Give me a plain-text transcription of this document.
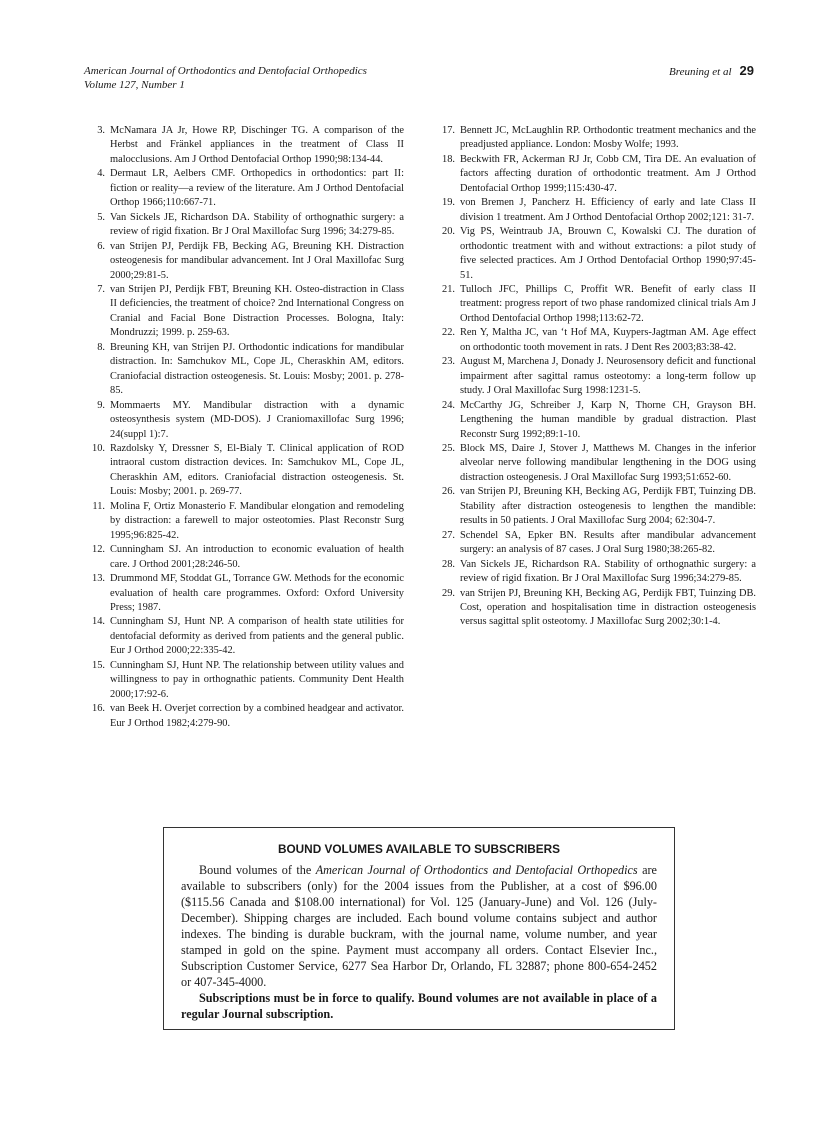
American Journal of Orthodontics and Dentofacial Orthopedics
Volume 127, Number 1
Breuning et al 29
3. McNamara JA Jr, Howe RP, Dischinger TG. A comparison of the Herbst and Fränkel appliances in the treatment of Class II malocclusions. Am J Orthod Dentofacial Orthop 1990;98:134-44.
4. Dermaut LR, Aelbers CMF. Orthopedics in orthodontics: part II: fiction or reality—a review of the literature. Am J Orthod Dentofacial Orthop 1966;110:667-71.
5. Van Sickels JE, Richardson DA. Stability of orthognathic surgery: a review of rigid fixation. Br J Oral Maxillofac Surg 1996; 34:279-85.
6. van Strijen PJ, Perdijk FB, Becking AG, Breuning KH. Distraction osteogenesis for mandibular advancement. Int J Oral Maxillofac Surg 2000;29:81-5.
7. van Strijen PJ, Perdijk FBT, Breuning KH. Osteo-distraction in Class II deficiencies, the treatment of choice? 2nd International Congress on Cranial and Facial Bone Distraction Processes. Bologna, Italy: Mondruzzi; 1999. p. 259-63.
8. Breuning KH, van Strijen PJ. Orthodontic indications for mandibular distraction. In: Samchukov ML, Cope JL, Cheraskhin AM, editors. Craniofacial distraction osteogenesis. St. Louis: Mosby; 2001. p. 278-85.
9. Mommaerts MY. Mandibular distraction with a dynamic osteosynthesis system (MD-DOS). J Craniomaxillofac Surg 1996; 24(suppl 1):7.
10. Razdolsky Y, Dressner S, El-Bialy T. Clinical application of ROD intraoral custom distraction devices. In: Samchukov ML, Cope JL, Cheraskhin AM, editors. Craniofacial distraction osteogenesis. St. Louis: Mosby; 2001. p. 269-77.
11. Molina F, Ortiz Monasterio F. Mandibular elongation and remodeling by distraction: a farewell to major osteotomies. Plast Reconstr Surg 1995;96:825-42.
12. Cunningham SJ. An introduction to economic evaluation of health care. J Orthod 2001;28:246-50.
13. Drummond MF, Stoddat GL, Torrance GW. Methods for the economic evaluation of health care programmes. Oxford: Oxford University Press; 1987.
14. Cunningham SJ, Hunt NP. A comparison of health state utilities for dentofacial deformity as derived from patients and the general public. Eur J Orthod 2000;22:335-42.
15. Cunningham SJ, Hunt NP. The relationship between utility values and willingness to pay in orthognathic patients. Community Dent Health 2000;17:92-6.
16. van Beek H. Overjet correction by a combined headgear and activator. Eur J Orthod 1982;4:279-90.
17. Bennett JC, McLaughlin RP. Orthodontic treatment mechanics and the preadjusted appliance. London: Mosby Wolfe; 1993.
18. Beckwith FR, Ackerman RJ Jr, Cobb CM, Tira DE. An evaluation of factors affecting duration of orthodontic treatment. Am J Orthod Dentofacial Orthop 1999;115:430-47.
19. von Bremen J, Pancherz H. Efficiency of early and late Class II division 1 treatment. Am J Orthod Dentofacial Orthop 2002;121: 31-7.
20. Vig PS, Weintraub JA, Brouwn C, Kowalski CJ. The duration of orthodontic treatment with and without extractions: a pilot study of five selected practices. Am J Orthod Dentofacial Orthop 1990;97:45-51.
21. Tulloch JFC, Phillips C, Proffit WR. Benefit of early class II treatment: progress report of two phase randomized clinical trials Am J Orthod Dentofacial Orthop 1998;113:62-72.
22. Ren Y, Maltha JC, van ‘t Hof MA, Kuypers-Jagtman AM. Age effect on orthodontic tooth movement in rats. J Dent Res 2003;83:38-42.
23. August M, Marchena J, Donady J. Neurosensory deficit and functional impairment after sagittal ramus osteotomy: a long-term follow up study. J Oral Maxillofac Surg 1998:1231-5.
24. McCarthy JG, Schreiber J, Karp N, Thorne CH, Grayson BH. Lengthening the human mandible by gradual distraction. Plast Reconstr Surg 1992;89:1-10.
25. Block MS, Daire J, Stover J, Matthews M. Changes in the inferior alveolar nerve following mandibular lengthening in the DOG using distraction osteogenesis. J Oral Maxillofac Surg 1993;51:652-60.
26. van Strijen PJ, Breuning KH, Becking AG, Perdijk FBT, Tuinzing DB. Stability after distraction osteogenesis to lengthen the mandible: results in 50 patients. J Oral Maxillofac Surg 2004; 62:304-7.
27. Schendel SA, Epker BN. Results after mandibular advancement surgery: an analysis of 87 cases. J Oral Surg 1980;38:265-82.
28. Van Sickels JE, Richardson RA. Stability of orthognathic surgery: a review of rigid fixation. Br J Oral Maxillofac Surg 1996;34:279-85.
29. van Strijen PJ, Breuning KH, Becking AG, Perdijk FBT, Tuinzing DB. Cost, operation and hospitalisation time in distraction osteogenesis versus sagittal split osteotomy. J Maxillofac Surg 2002;30:1-4.
BOUND VOLUMES AVAILABLE TO SUBSCRIBERS

Bound volumes of the American Journal of Orthodontics and Dentofacial Orthopedics are available to subscribers (only) for the 2004 issues from the Publisher, at a cost of $96.00 ($115.56 Canada and $108.00 international) for Vol. 125 (January-June) and Vol. 126 (July-December). Shipping charges are included. Each bound volume contains subject and author indexes. The binding is durable buckram, with the journal name, volume number, and year stamped in gold on the spine. Payment must accompany all orders. Contact Elsevier Inc., Subscription Customer Service, 6277 Sea Harbor Dr, Orlando, FL 32887; phone 800-654-2452 or 407-345-4000.

Subscriptions must be in force to qualify. Bound volumes are not available in place of a regular Journal subscription.
